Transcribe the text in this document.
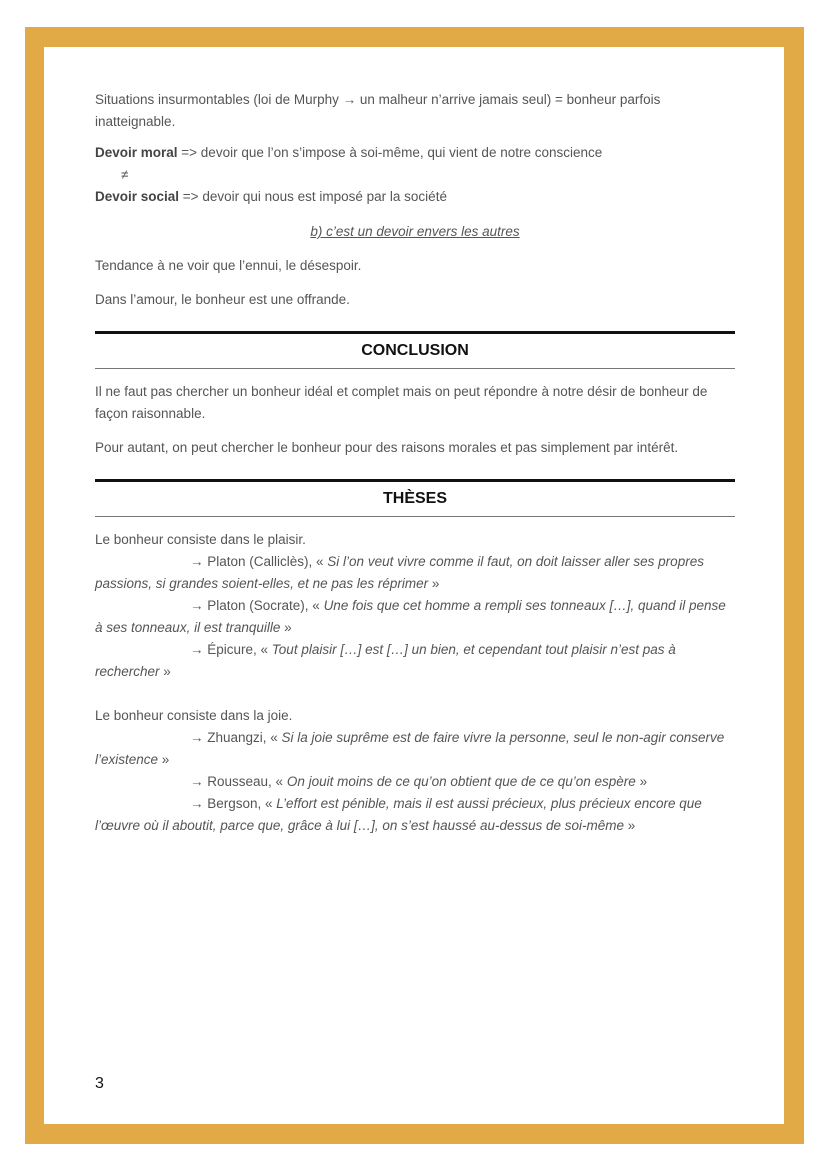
Situations insurmontables (loi de Murphy → un malheur n’arrive jamais seul) = bonheur parfois inatteignable.

Devoir moral => devoir que l’on s’impose à soi-même, qui vient de notre conscience

≠

Devoir social => devoir qui nous est imposé par la société

b) c’est un devoir envers les autres

Tendance à ne voir que l’ennui, le désespoir.

Dans l’amour, le bonheur est une offrande.

CONCLUSION

Il ne faut pas chercher un bonheur idéal et complet mais on peut répondre à notre désir de bonheur de façon raisonnable.

Pour autant, on peut chercher le bonheur pour des raisons morales et pas simplement par intérêt.

THÈSES

Le bonheur consiste dans le plaisir.

→ Platon (Calliclès), « Si l’on veut vivre comme il faut, on doit laisser aller ses propres passions, si grandes soient-elles, et ne pas les réprimer »

→ Platon (Socrate), « Une fois que cet homme a rempli ses tonneaux […], quand il pense à ses tonneaux, il est tranquille »

→ Épicure, « Tout plaisir […] est […] un bien, et cependant tout plaisir n’est pas à rechercher »

Le bonheur consiste dans la joie.

→ Zhuangzi, « Si la joie suprême est de faire vivre la personne, seul le non-agir conserve l’existence »

→ Rousseau, « On jouit moins de ce qu’on obtient que de ce qu’on espère »

→ Bergson, « L’effort est pénible, mais il est aussi précieux, plus précieux encore que l’œuvre où il aboutit, parce que, grâce à lui […], on s’est haussé au-dessus de soi-même »

3
